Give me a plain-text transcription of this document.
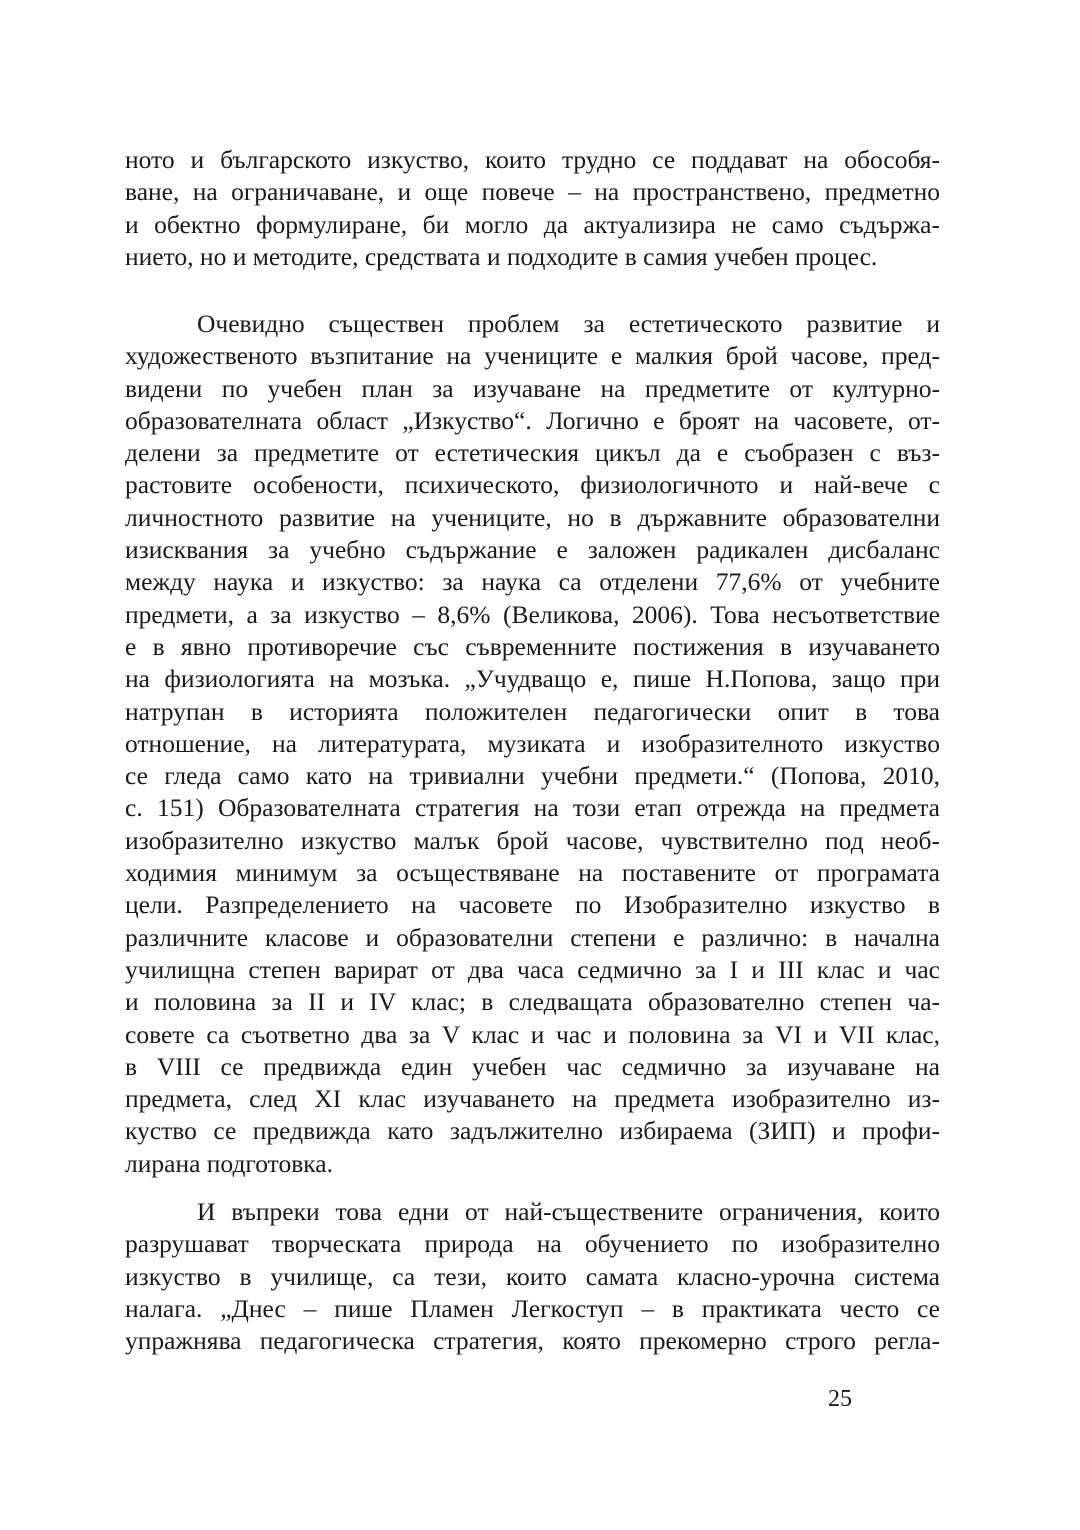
ното и българското изкуство, които трудно се поддават на обособя-
ване, на ограничаване, и още повече – на пространствено, предметно
и обектно формулиране, би могло да актуализира не само съдържа-
нието, но и методите, средствата и подходите в самия учебен процес.
Очевидно съществен проблем за естетическото развитие и
художественото възпитание на учениците е малкия брой часове, пред-
видени по учебен план за изучаване на предметите от културно-
образователната област „Изкуство“. Логично е броят на часовете, от-
делени за предметите от естетическия цикъл да е съобразен с въз-
растовите особености, психическото, физиологичното и най-вече с
личностното развитие на учениците, но в държавните образователни
изисквания за учебно съдържание е заложен радикален дисбаланс
между наука и изкуство: за наука са отделени 77,6% от учебните
предмети, а за изкуство – 8,6% (Великова, 2006). Това несъответствие
е в явно противоречие със съвременните постижения в изучаването
на физиологията на мозъка. „Учудващо е, пише Н.Попова, защо при
натрупан в историята положителен педагогически опит в това
отношение, на литературата, музиката и изобразителното изкуство
се гледа само като на тривиални учебни предмети.“ (Попова, 2010,
с. 151) Образователната стратегия на този етап отрежда на предмета
изобразително изкуство малък брой часове, чувствително под необ-
ходимия минимум за осъществяване на поставените от програмата
цели. Разпределението на часовете по Изобразително изкуство в
различните класове и образователни степени е различно: в начална
училищна степен варират от два часа седмично за I и III клас и час
и половина за II и IV клас; в следващата образователно степен ча-
совете са съответно два за V клас и час и половина за VI и VII клас,
в VIII се предвижда един учебен час седмично за изучаване на
предмета, след XI клас изучаването на предмета изобразително из-
куство се предвижда като задължително избираема (ЗИП) и профи-
лирана подготовка.
И въпреки това едни от най-съществените ограничения, които
разрушават творческата природа на обучението по изобразително
изкуство в училище, са тези, които самата класно-урочна система
налага. „Днес – пише Пламен Легкоступ – в практиката често се
упражнява педагогическа стратегия, която прекомерно строго регла-
25
